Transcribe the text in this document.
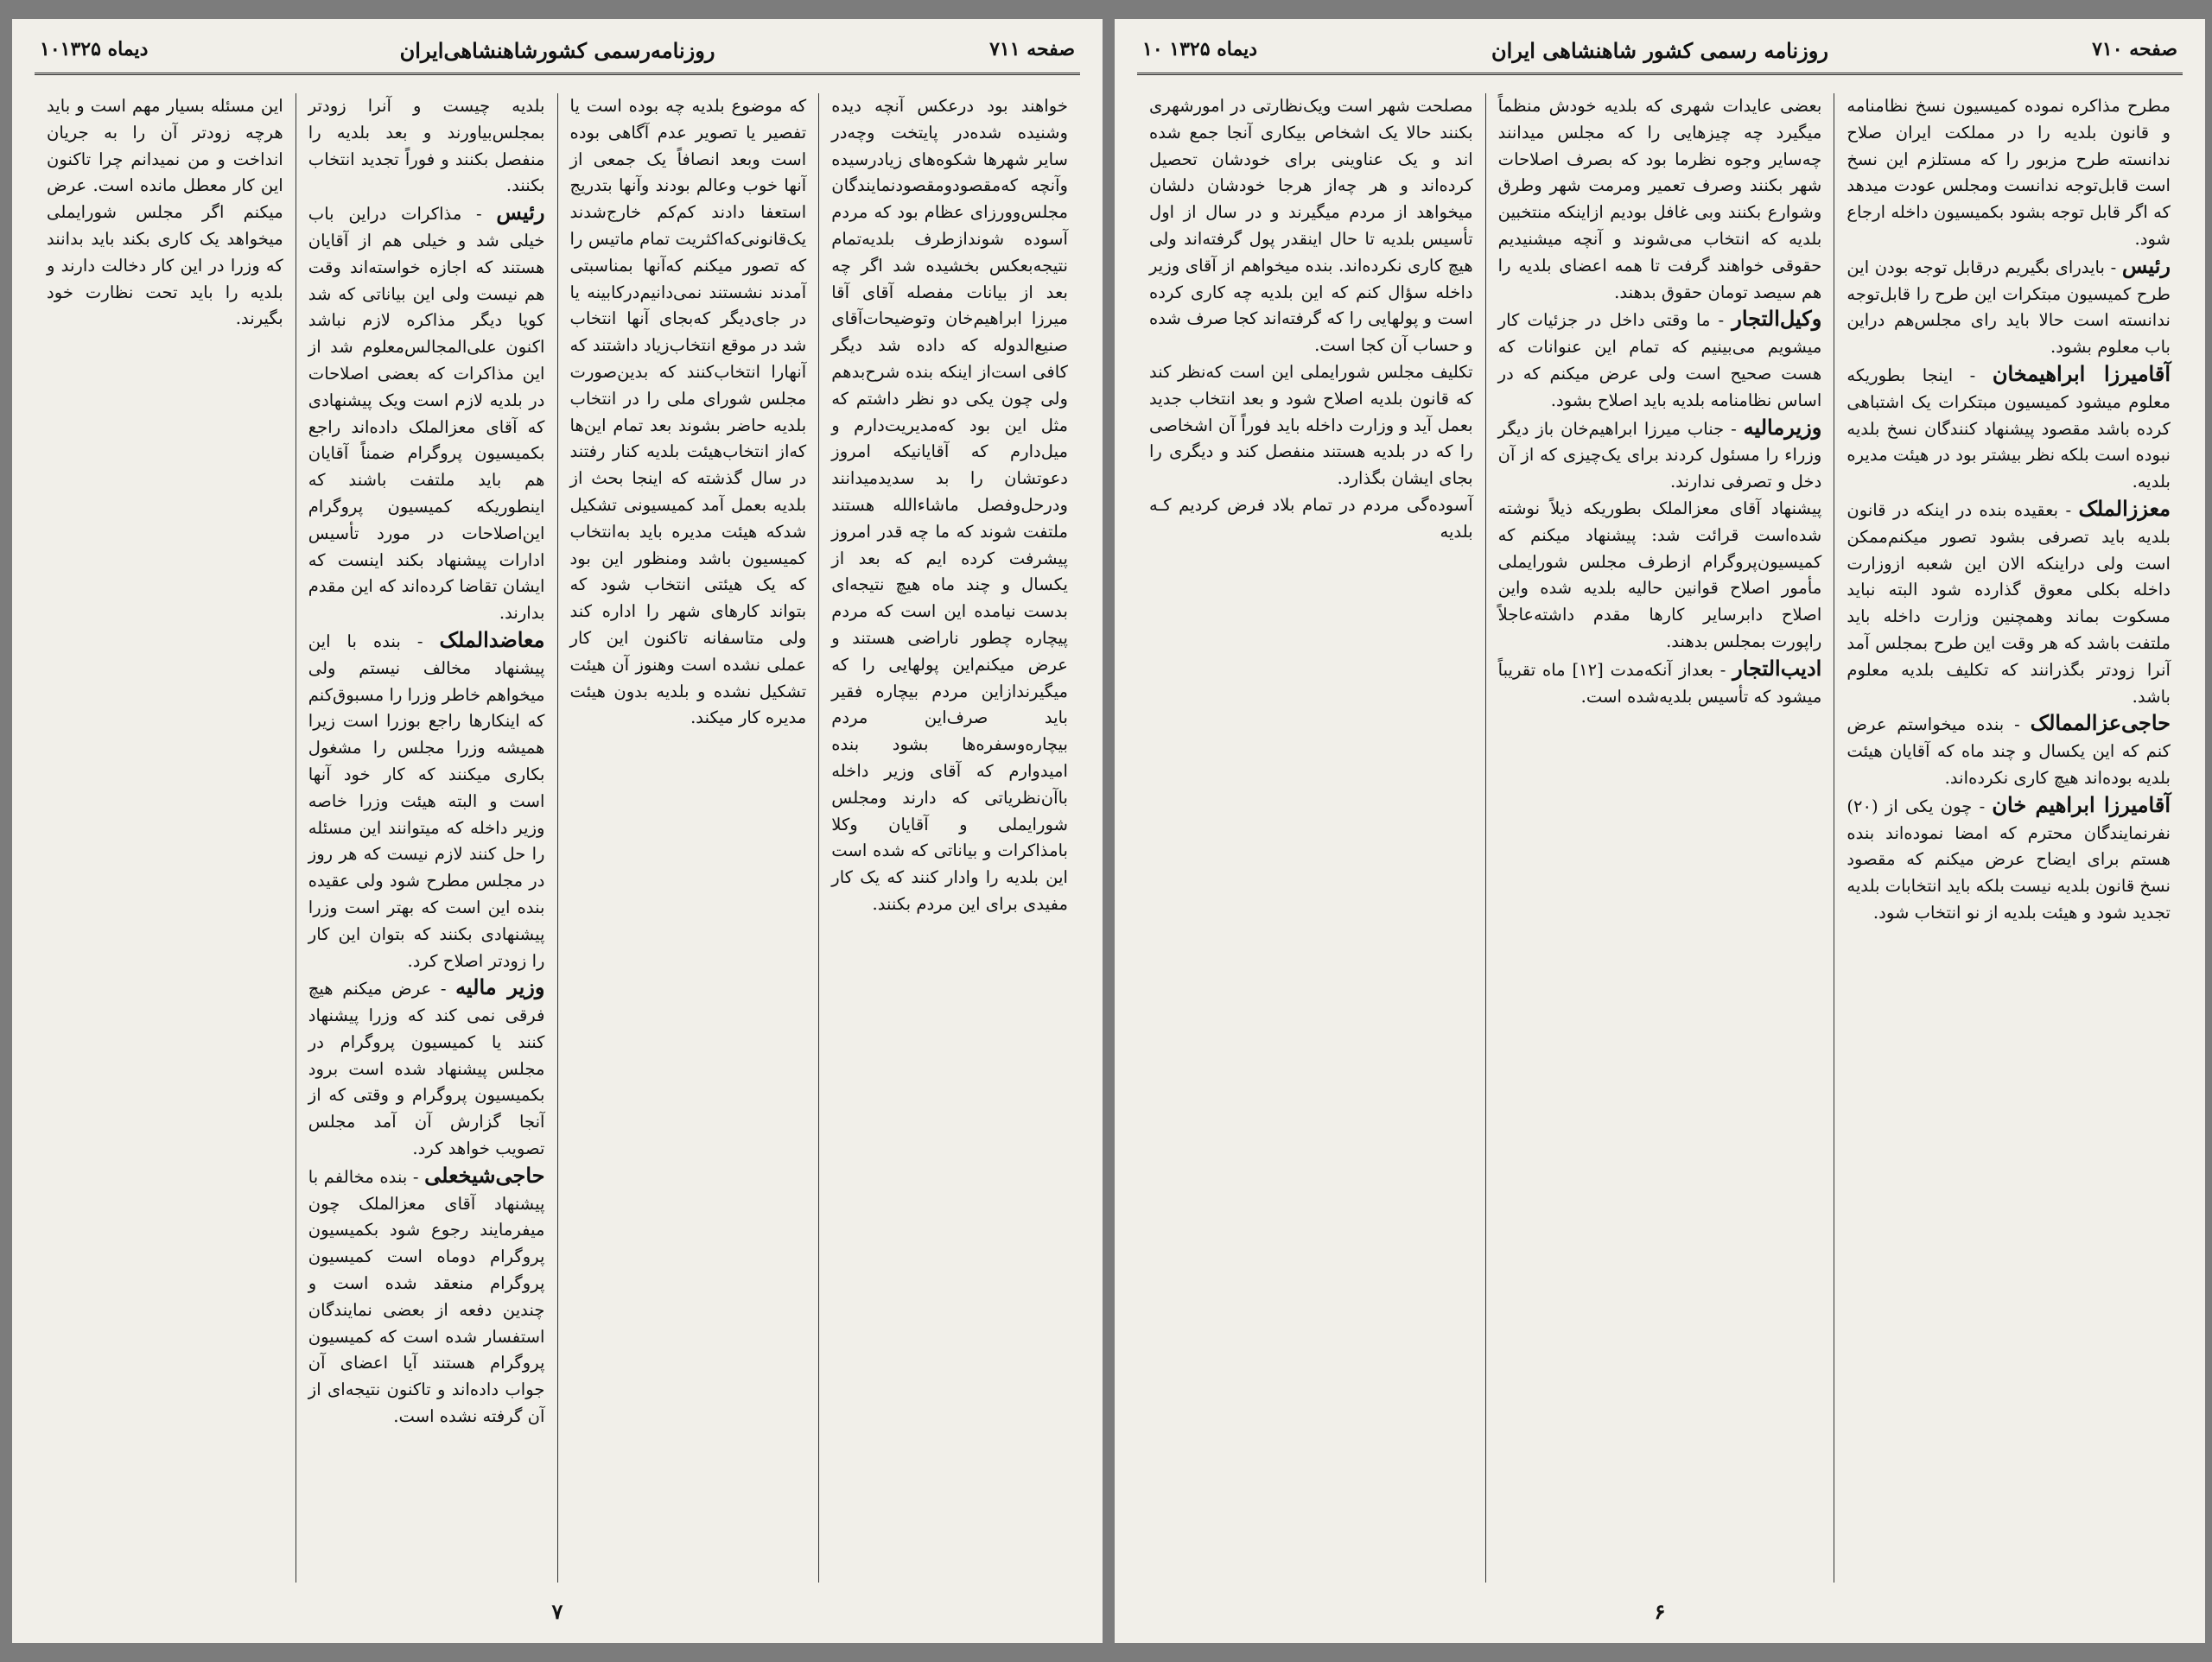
۱۰دیماه ۱۳۲۵	روزنامه‌رسمی کشورشاهنشاهی‌ایران	صفحه ۷۱۱

خواهند بود درعکس آنچه دیده وشنیده شده‌در پایتخت وچه‌در سایر شهرها شکوه‌های زیادرسیده وآنچه که‌مقصود‌ومقصود‌نمایندگان مجلس‌وورزای عظام بود که مردم آسوده شوندازطرف بلدیه‌تمام نتیجه‌بعکس بخشیده شد اگر چه بعد از بیانات مفصله آقای آقا میرزا ابراهیم‌خان وتوضیحات‌آقای صنیع‌الدوله که داده شد دیگر کافی است‌از اینکه بنده شرح‌بدهم ولی چون یکی دو نظر داشتم که مثل این بود که‌مدیریت‌دارم و میل‌دارم که آقایانیکه امروز دعوتشان را بد سدید‌میدانند ودرحل‌وفصل ماشاءالله هستند ملتفت شوند که ما چه قدر امروز پیشرفت کرده ایم که بعد از یکسال و چند ماه هیچ نتیجه‌ای بدست نیامده این است که مردم پیچاره چطور ناراضی هستند و عرض میکنم‌این‌ پولهایی را که میگیرند‌ازاین مردم بیچاره فقیر باید صرف‌این مردم بیچاره‌وسفره‌ها بشود بنده امیدوارم که آقای وزیر داخله باآن‌نظریاتی که دارند ومجلس شورایملی و آقایان وکلا بامذاکرات و بیاناتی که شده است این بلدیه را وادار کنند که یک کار مفیدی برای این مردم بکنند.

که موضوع بلدیه چه بوده است یا تفصیر یا تصویر عدم آگاهی بوده است وبعد انصافاً یک جمعی از آنها خوب وعالم بودند وآنها بتدریج استعفا دادند کم‌کم خارج‌شدند یک‌قانونی‌که‌اکثریت تمام ماتیس را که تصور میکنم که‌آنها بمناسبتی‌ آمدند نشستند نمی‌دانیم‌در‌کابینه یا در جای‌دیگر که‌بجای آنها انتخاب شد در موقع انتخاب‌زیاد داشتند که آنهارا انتخاب‌کنند که بدین‌صورت مجلس شورای ملی را در انتخاب بلدیه حاضر بشوند بعد تمام این‌ها که‌از انتخاب‌هیئت بلدیه کنار رفتند در سال گذشته که اینجا بحث از بلدیه بعمل آمد کمیسیونی تشکیل شد‌که‌ هیئت مدیره باید به‌انتخاب کمیسیون باشد ومنظور این بود که یک هیئتی انتخاب شود که بتواند کارهای شهر را اداره کند ولی متاسفانه تاکنون این کار عملی نشده است وهنوز آن هیئت تشکیل نشده و بلدیه بدون هیئت مدیره کار میکند.

بلدیه چیست و آنرا زودتر بمجلس‌بیاورند و بعد بلدیه را منفصل بکنند و فوراً تجدید انتخاب بکنند.

رئیس - مذاکرات دراین باب خیلی شد و خیلی هم از آقایان هستند که اجازه خواسته‌اند وقت هم نیست ولی این بیاناتی که شد کویا دیگر مذاکره لازم نباشد اکنون علی‌المجالس‌معلوم شد از این مذاکرات که بعضی اصلاحات در بلدیه لازم است ویک پیشنهادی که آقای معزالملک داده‌اند راجع بکمیسیون پروگرام ضمناً آقایان هم باید ملتفت باشند که اینطوریکه کمیسیون پروگرام این‌اصلاحات در مورد تأسیس ادارات پیشنهاد بکند اینست که ایشان تقاضا کرده‌اند که این مقدم بدارند.

معاضدالملک - بنده با این پیشنهاد مخالف نیستم ولی میخواهم خاطر وزرا را مسبوق‌کنم که اینکارها راجع بوزرا است زیرا همیشه وزرا مجلس را مشغول بکاری میکنند که کار خود آنها است و البته هیئت وزرا خاصه وزیر داخله که میتوانند این مسئله را حل کنند لازم نیست که هر روز در مجلس مطرح شود ولی عقیده بنده این است که بهتر است وزرا پیشنهادی بکنند که بتوان این کار را زودتر اصلاح کرد.

وزیر مالیه - عرض میکنم هیچ فرقی نمی کند که وزرا پیشنهاد کنند یا کمیسیون پروگرام در مجلس پیشنهاد شده است برود بکمیسیون پروگرام و وقتی که از آنجا گزارش آن آمد مجلس تصویب خواهد کرد.

حاجی‌شیخعلی - بنده مخالفم با پیشنهاد آقای معزالملک چون میفرمایند رجوع شود بکمیسیون پروگرام دوماه است کمیسیون پروگرام منعقد شده است و چندین دفعه از بعضی نمایندگان استفسار شده است که کمیسیون پروگرام هستند آیا اعضای آن جواب داده‌اند و تاکنون نتیجه‌ای از آن گرفته نشده است.

این مسئله بسیار مهم است و باید هرچه زودتر آن را به جریان انداخت و من نمیدانم چرا تاکنون این کار معطل مانده است. عرض میکنم اگر مجلس شورایملی میخواهد یک کاری بکند باید بدانند که وزرا در این کار دخالت دارند و بلدیه را باید تحت نظارت خود بگیرند.

۷
۱۰ دیماه ۱۳۲۵	روزنامه رسمی کشور شاهنشاهی ایران	صفحه ۷۱۰

مطرح مذاکره نموده کمیسیون نسخ نظامنامه و قانون بلدیه را در مملکت ایران صلاح ندانسته طرح مزبور را که مستلزم این نسخ است قابل‌توجه ندانست ومجلس عودت میدهد که اگر قابل توجه بشود بکمیسیون داخله ارجاع شود.

رئیس - بایدرای بگیریم درقابل توجه بودن این طرح کمیسیون مبتکرات این طرح را قابل‌توجه ندانسته است حالا باید رای مجلس‌هم دراین باب معلوم بشود.

آقامیرزا ابراهیمخان - اینجا بطوریکه معلوم میشود کمیسیون مبتکرات یک اشتباهی کرده باشد مقصود پیشنهاد کنندگان نسخ بلدیه نبوده است بلکه نظر بیشتر بود در هیئت مدیره بلدیه.

معززالملک - بعقیده بنده در اینکه در قانون بلدیه باید تصرفی بشود تصور میکنم‌ممکن است ولی دراینکه الان این شعبه ازوزارت داخله بکلی معوق گذارده شود البته نباید مسکوت بماند وهمچنین وزارت داخله باید ملتفت باشد که هر وقت این طرح بمجلس آمد آنرا زودتر بگذرانند که تکلیف بلدیه معلوم باشد.

حاجی‌عزالممالک - بنده میخواستم عرض کنم که این یکسال و چند ماه که آقایان هیئت بلدیه بوده‌اند هیچ کاری نکرده‌اند.

آقامیرزا ابراهیم خان - چون یکی از (۲۰) نفرنمایندگان محترم که امضا نموده‌اند بنده هستم برای ایضاح عرض میکنم که مقصود نسخ قانون بلدیه نیست بلکه باید انتخابات بلدیه تجدید شود و هیئت بلدیه از نو انتخاب شود.

بعضی عایدات شهری که بلدیه خودش منظماً میگیرد چه چیزهایی را که مجلس میدانند چه‌سایر وجوه نظرما بود که بصرف اصلاحات شهر بکنند وصرف تعمیر ومرمت شهر وطرق وشوارع بکنند وبی غافل بودیم ازاینکه منتخبین بلدیه که انتخاب می‌شوند و آنچه میشنیدیم حقوقی خواهند گرفت تا همه اعضای بلدیه را هم سیصد تومان حقوق بدهند.

وکیل‌التجار - ما وقتی داخل در جزئیات کار میشویم می‌بینیم که تمام این عنوانات که هست صحیح است ولی عرض میکنم که در اساس نظامنامه بلدیه باید اصلاح بشود.

وزیرمالیه - جناب میرزا ابراهیم‌خان باز دیگر وزراء را مسئول کردند برای یک‌چیزی که از آن دخل و تصرفی ندارند.

پیشنهاد آقای معزالملک بطوریکه ذیلاً نوشته شده‌است قرائت شد: پیشنهاد میکنم که کمیسیون‌پروگرام ازطرف مجلس شورایملی مأمور اصلاح قوانین حالیه بلدیه شده واین اصلاح دابرسایر کارها مقدم داشته‌عاجلاً راپورت بمجلس بدهند.

ادیب‌التجار - بعداز آنکه‌مدت [۱۲] ماه تقریباً میشود که تأسیس بلدیه‌شده است.

مصلحت شهر است ویک‌نظارتی در امورشهری بکنند حالا یک اشخاص بیکاری آنجا جمع شده اند و یک عناوینی برای خودشان تحصیل کرده‌اند و هر چه‌از هرجا خودشان دلشان میخواهد از مردم میگیرند و در سال از اول تأسیس بلدیه تا حال اینقدر پول گرفته‌اند ولی هیچ کاری نکرده‌اند. بنده میخواهم از آقای وزیر داخله سؤال کنم که این بلدیه چه کاری کرده است و پولهایی را که گرفته‌اند کجا صرف شده و حساب آن کجا است.

تکلیف مجلس شورایملی این است که‌نظر کند که قانون بلدیه اصلاح شود و بعد انتخاب جدید بعمل آید و وزارت داخله باید فوراً آن اشخاصی را که در بلدیه هستند منفصل کند و دیگری را بجای ایشان بگذارد.

آسوده‌گی مردم در تمام بلاد فرض کردیم کـه بلدیه

۶
